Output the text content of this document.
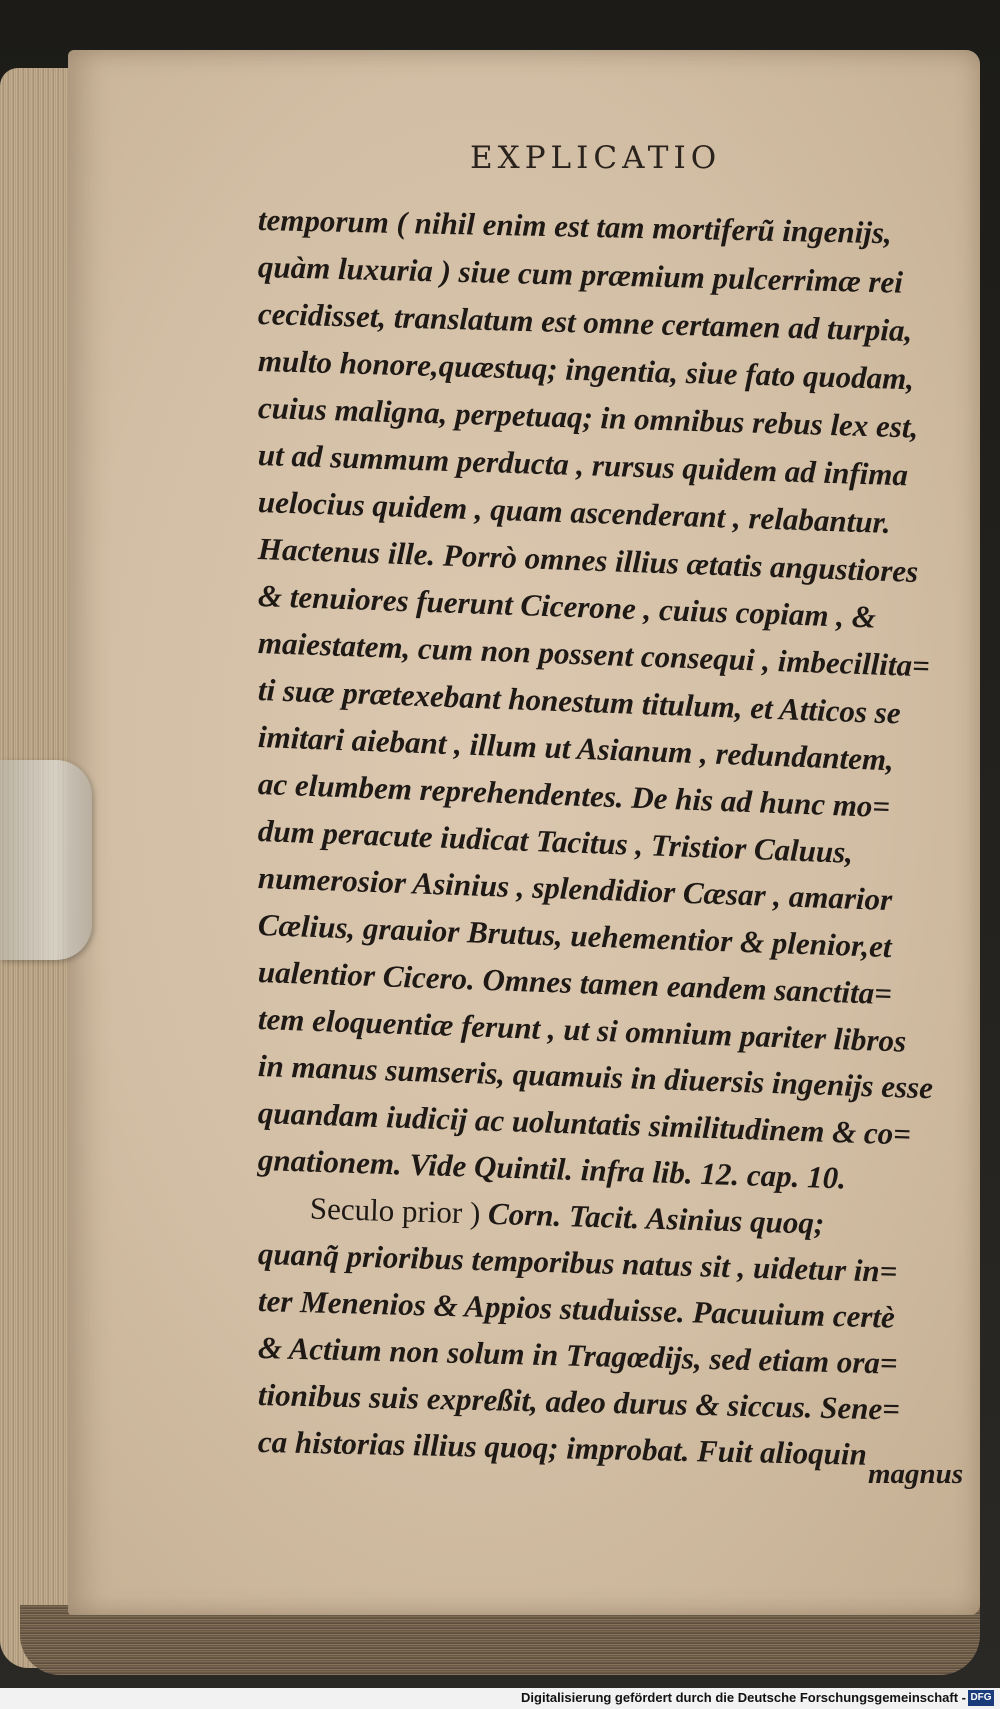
EXPLICATIO
temporum ( nihil enim est tam mortiferũ ingenijs,
quàm luxuria ) siue cum præmium pulcerrimæ rei
cecidisset, translatum est omne certamen ad turpia,
multo honore,quæstuq; ingentia, siue fato quodam,
cuius maligna, perpetuaq; in omnibus rebus lex est,
ut ad summum perducta , rursus quidem ad infima
uelocius quidem , quam ascenderant , relabantur.
Hactenus ille. Porrò omnes illius ætatis angustiores
& tenuiores fuerunt Cicerone , cuius copiam , &
maiestatem, cum non possent consequi , imbecillita=
ti suæ prætexebant honestum titulum, et Atticos se
imitari aiebant , illum ut Asianum , redundantem,
ac elumbem reprehendentes. De his ad hunc mo=
dum peracute iudicat Tacitus , Tristior Caluus,
numerosior Asinius , splendidior Cæsar , amarior
Cælius, grauior Brutus, uehementior & plenior,et
ualentior Cicero. Omnes tamen eandem sanctita=
tem eloquentiæ ferunt , ut si omnium pariter libros
in manus sumseris, quamuis in diuersis ingenijs esse
quandam iudicij ac uoluntatis similitudinem & co=
gnationem. Vide Quintil. infra lib. 12. cap. 10.
Seculo prior ) Corn. Tacit. Asinius quoq;
quanq̃ prioribus temporibus natus sit , uidetur in=
ter Menenios & Appios studuisse. Pacuuium certè
& Actium non solum in Tragœdijs, sed etiam ora=
tionibus suis expreßit, adeo durus & siccus. Sene=
ca historias illius quoq; improbat. Fuit alioquin
magnus
Digitalisierung gefördert durch die Deutsche Forschungsgemeinschaft - DFG
